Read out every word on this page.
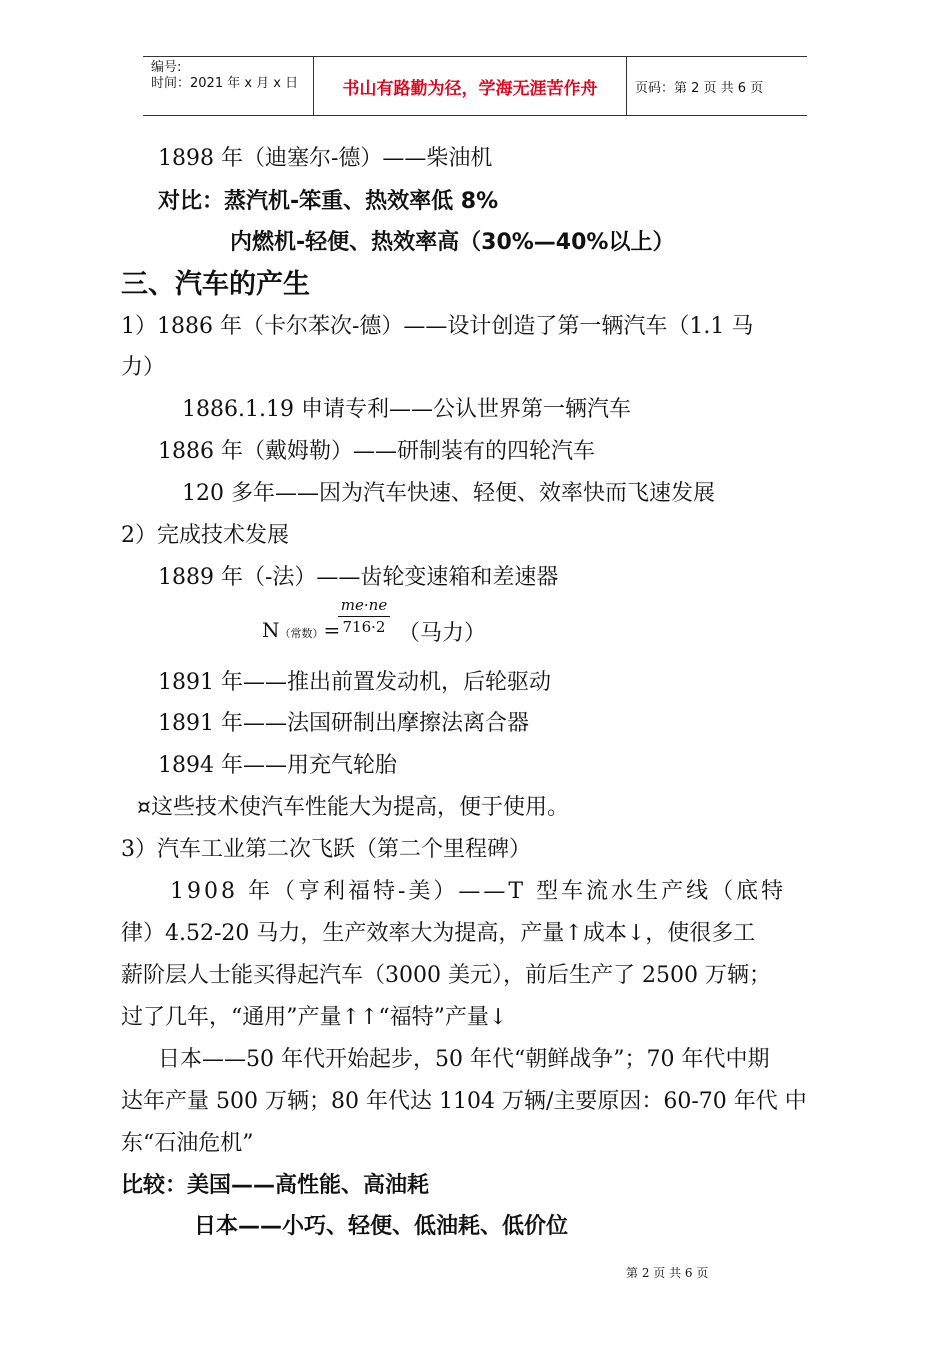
编号:
时间：2021 年 x 月 x 日	书山有路勤为径，学海无涯苦作舟	页码：第 2 页 共 6 页
1898 年（迪塞尔-德）——柴油机
对比：蒸汽机-笨重、热效率低 8%
内燃机-轻便、热效率高（30%—40%以上）
三、汽车的产生
1）1886 年（卡尔苯次-德）——设计创造了第一辆汽车（1.1 马
力）
1886.1.19 申请专利——公认世界第一辆汽车
1886 年（戴姆勒）——研制装有的四轮汽车
120 多年——因为汽车快速、轻便、效率快而飞速发展
2）完成技术发展
1889 年（-法）——齿轮变速箱和差速器
N（常数）=
me·ne
716·2 （马力）
1891 年——推出前置发动机，后轮驱动
1891 年——法国研制出摩擦法离合器
1894 年——用充气轮胎
¤这些技术使汽车性能大为提高，便于使用。
3）汽车工业第二次飞跃（第二个里程碑）
1908 年（亨利福特-美）——T 型车流水生产线（底特
律）4.52-20 马力，生产效率大为提高，产量↑成本↓，使很多工
薪阶层人士能买得起汽车（3000 美元），前后生产了 2500 万辆；
过了几年，“通用”产量↑↑“福特”产量↓
日本——50 年代开始起步，50 年代“朝鲜战争”；70 年代中期
达年产量 500 万辆；80 年代达 1104 万辆/主要原因：60-70 年代 中
东“石油危机”
比较：美国——高性能、高油耗
日本——小巧、轻便、低油耗、低价位
第 2 页 共 6 页
